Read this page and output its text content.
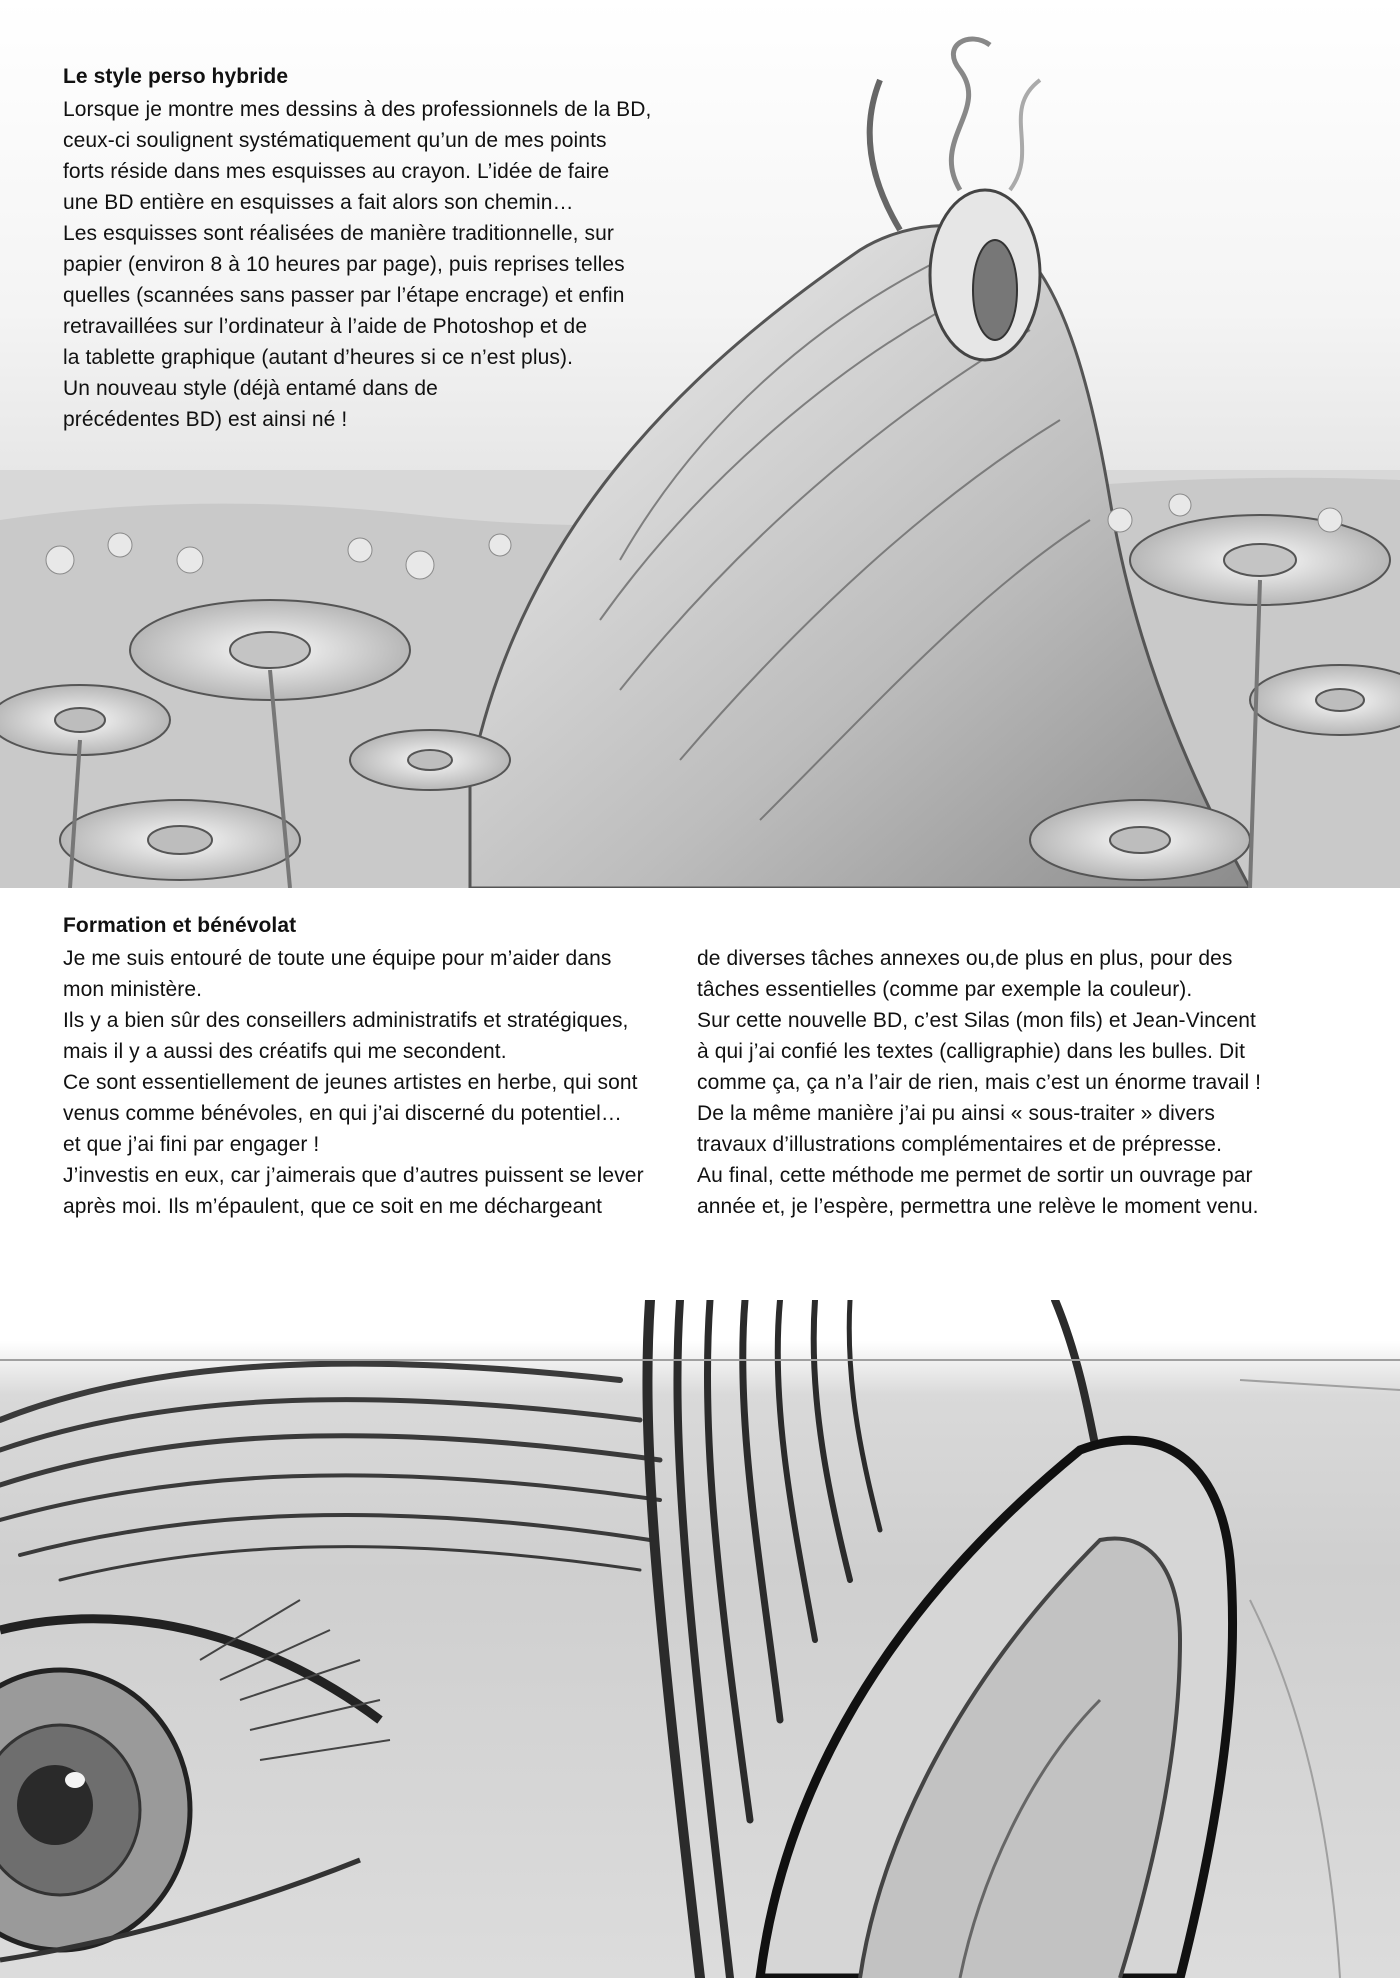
Le style perso hybride

Lorsque je montre mes dessins à des professionnels de la BD,

ceux-ci soulignent systématiquement qu’un de mes points

forts réside dans mes esquisses au crayon. L’idée de faire

une BD entière en esquisses a fait alors son chemin…

Les esquisses sont réalisées de manière traditionnelle, sur

papier (environ 8 à 10 heures par page), puis reprises telles

quelles (scannées sans passer par l’étape encrage) et enfin

retravaillées sur l’ordinateur à l’aide de Photoshop et de

la tablette graphique (autant d’heures si ce n’est plus).

Un nouveau style (déjà entamé dans de

précédentes BD) est ainsi né !

Formation et bénévolat

Je me suis entouré de toute une équipe pour m’aider dans

mon ministère.

Ils y a bien sûr des conseillers administratifs et stratégiques,

mais il y a aussi des créatifs qui me secondent.

Ce sont essentiellement de jeunes artistes en herbe, qui sont

venus comme bénévoles, en qui j’ai discerné du potentiel…

et que j’ai fini par engager !

J’investis en eux, car j’aimerais que d’autres puissent se lever

après moi. Ils m’épaulent, que ce soit en me déchargeant

de diverses tâches annexes ou,de plus en plus, pour des

tâches essentielles (comme par exemple la couleur).

Sur cette nouvelle BD, c’est Silas (mon fils) et Jean-Vincent

à qui j’ai confié les textes (calligraphie) dans les bulles. Dit

comme ça, ça n’a l’air de rien, mais c’est un énorme travail !

De la même manière j’ai pu ainsi « sous-traiter » divers

travaux d’illustrations complémentaires et de prépresse.

Au final, cette méthode me permet de sortir un ouvrage par

année et, je l’espère, permettra une relève le moment venu.
